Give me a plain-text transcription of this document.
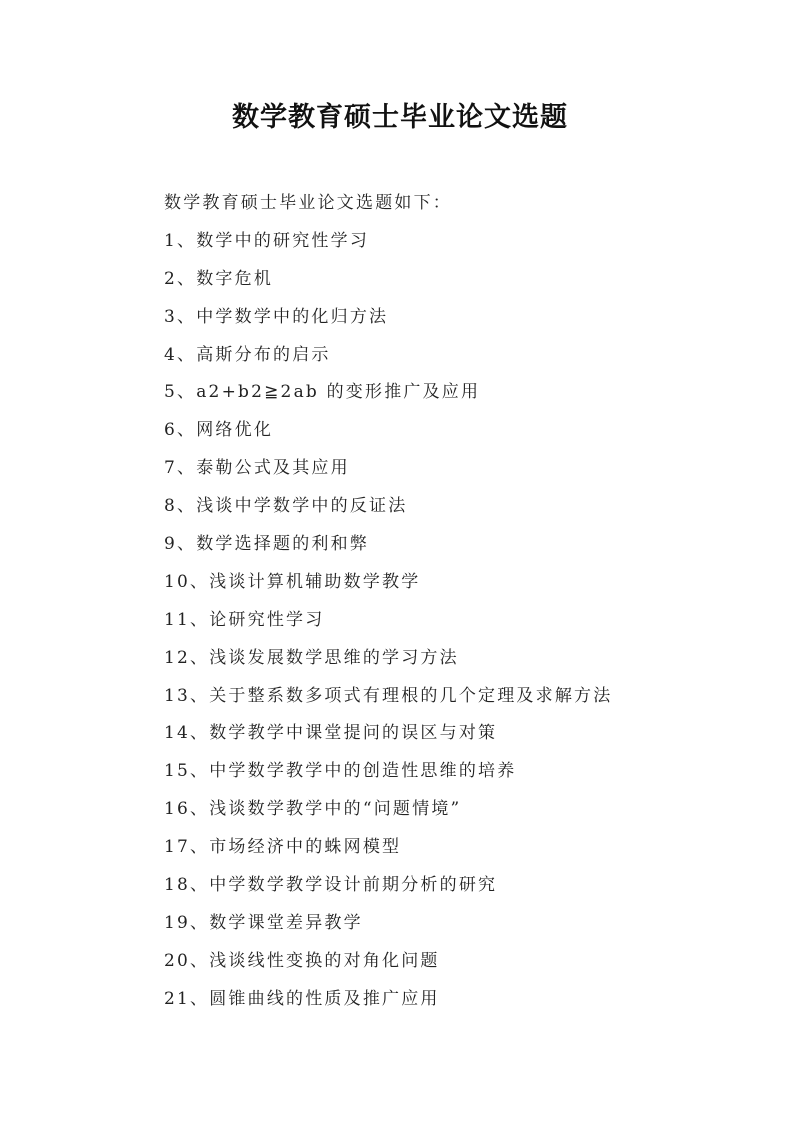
数学教育硕士毕业论文选题
数学教育硕士毕业论文选题如下：
1、数学中的研究性学习
2、数字危机
3、中学数学中的化归方法
4、高斯分布的启示
5、a2+b2≧2ab 的变形推广及应用
6、网络优化
7、泰勒公式及其应用
8、浅谈中学数学中的反证法
9、数学选择题的利和弊
10、浅谈计算机辅助数学教学
11、论研究性学习
12、浅谈发展数学思维的学习方法
13、关于整系数多项式有理根的几个定理及求解方法
14、数学教学中课堂提问的误区与对策
15、中学数学教学中的创造性思维的培养
16、浅谈数学教学中的“问题情境”
17、市场经济中的蛛网模型
18、中学数学教学设计前期分析的研究
19、数学课堂差异教学
20、浅谈线性变换的对角化问题
21、圆锥曲线的性质及推广应用
